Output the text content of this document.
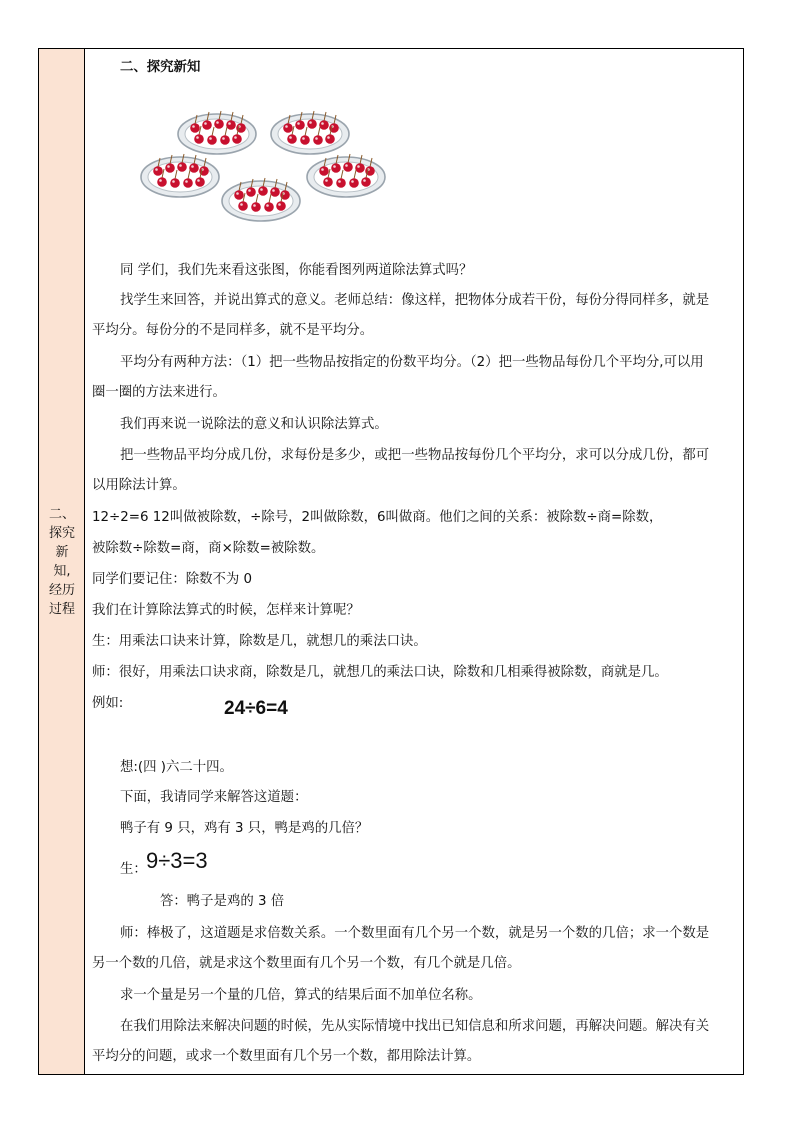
二、
探究
新
知,
经历
过程
二、探究新知
同 学们，我们先来看这张图，你能看图列两道除法算式吗？
找学生来回答，并说出算式的意义。老师总结：像这样，把物体分成若干份，每份分得同样多，就是
平均分。每份分的不是同样多，就不是平均分。
平均分有两种方法：（1）把一些物品按指定的份数平均分。（2）把一些物品每份几个平均分,可以用
圈一圈的方法来进行。
我们再来说一说除法的意义和认识除法算式。
把一些物品平均分成几份，求每份是多少，或把一些物品按每份几个平均分，求可以分成几份，都可
以用除法计算。
12÷2=6 12叫做被除数，÷除号，2叫做除数，6叫做商。他们之间的关系：被除数÷商=除数，
被除数÷除数=商，商×除数=被除数。
同学们要记住：除数不为 0
我们在计算除法算式的时候，怎样来计算呢？
生：用乘法口诀来计算，除数是几，就想几的乘法口诀。
师：很好，用乘法口诀求商，除数是几，就想几的乘法口诀，除数和几相乘得被除数，商就是几。
例如:	24÷6=4
想:(四 )六二十四。
下面，我请同学来解答这道题：
鸭子有 9 只，鸡有 3 只，鸭是鸡的几倍？
生： 9÷3=3
答：鸭子是鸡的 3 倍
师：棒极了，这道题是求倍数关系。一个数里面有几个另一个数，就是另一个数的几倍；求一个数是
另一个数的几倍，就是求这个数里面有几个另一个数，有几个就是几倍。
求一个量是另一个量的几倍，算式的结果后面不加单位名称。
在我们用除法来解决问题的时候，先从实际情境中找出已知信息和所求问题，再解决问题。解决有关
平均分的问题，或求一个数里面有几个另一个数，都用除法计算。
